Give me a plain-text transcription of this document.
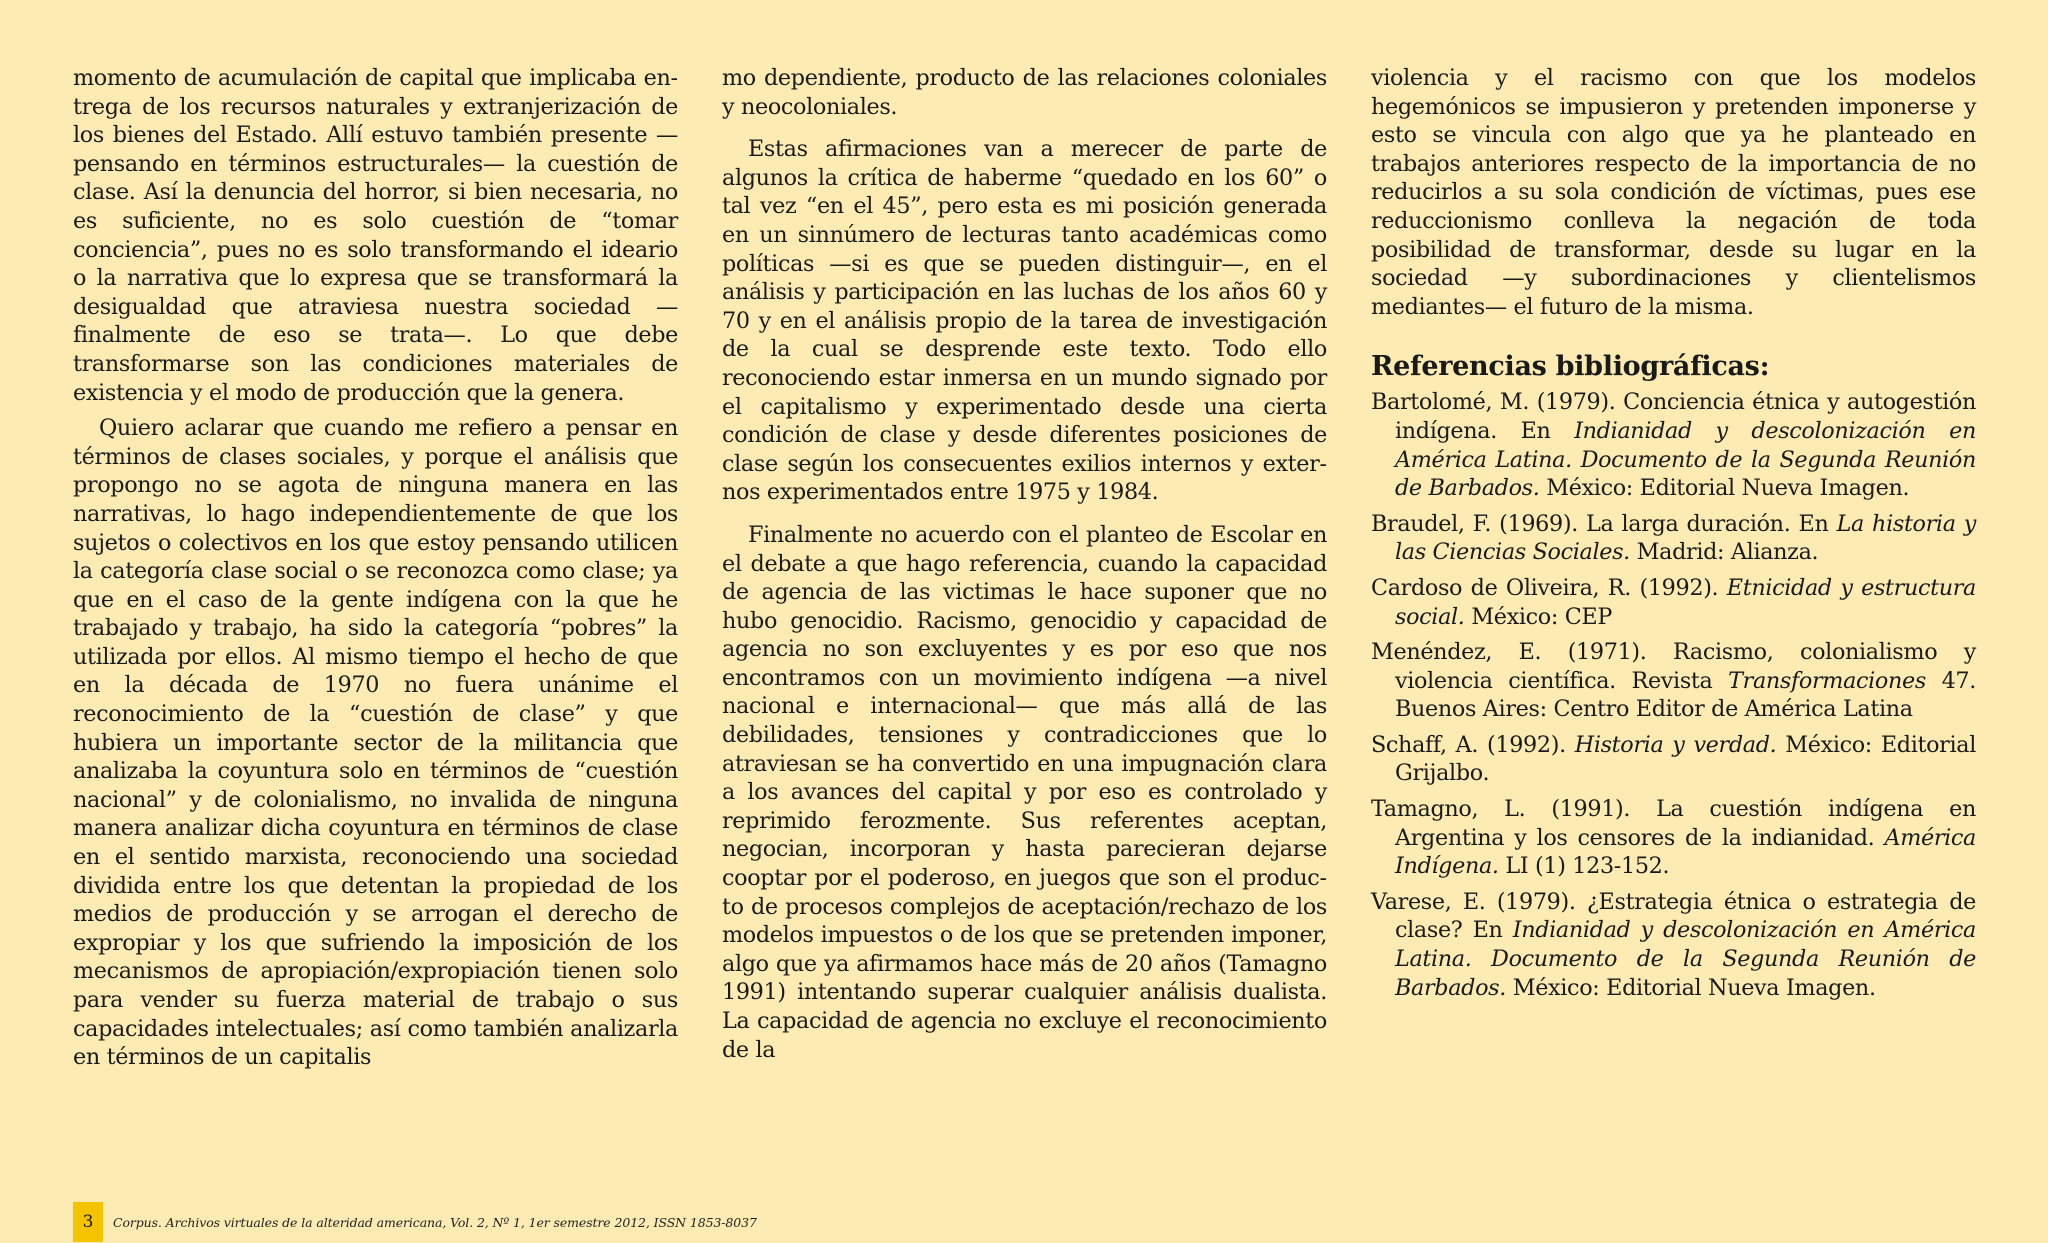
momento de acumulación de capital que implicaba entrega de los recursos naturales y extranjerización de los bienes del Estado. Allí estuvo también presente —pensando en términos estructurales— la cuestión de clase. Así la denuncia del horror, si bien necesaria, no es suficiente, no es solo cuestión de “tomar conciencia”, pues no es solo transformando el ideario o la narrativa que lo expresa que se transformará la desigualdad que atraviesa nuestra sociedad —finalmente de eso se trata—. Lo que debe transformarse son las condiciones materiales de existencia y el modo de producción que la genera.

Quiero aclarar que cuando me refiero a pensar en términos de clases sociales, y porque el análisis que propongo no se agota de ninguna manera en las narrativas, lo hago independientemente de que los sujetos o colectivos en los que estoy pensando utilicen la categoría clase social o se reconozca como clase; ya que en el caso de la gente indígena con la que he trabajado y trabajo, ha sido la categoría “pobres” la utilizada por ellos. Al mismo tiempo el hecho de que en la década de 1970 no fuera unánime el reconocimiento de la “cuestión de clase” y que hubiera un importante sector de la militancia que analizaba la coyuntura solo en términos de “cuestión nacional” y de colonialismo, no invalida de ninguna manera analizar dicha coyuntura en términos de clase en el sentido marxista, reconociendo una sociedad dividida entre los que detentan la propiedad de los medios de producción y se arrogan el derecho de expropiar y los que sufriendo la imposición de los mecanismos de apropiación/expropiación tienen solo para vender su fuerza material de trabajo o sus capacidades intelectuales; así como también analizarla en términos de un capitalis

mo dependiente, producto de las relaciones coloniales y neocoloniales.

Estas afirmaciones van a merecer de parte de algunos la crítica de haberme “quedado en los 60” o tal vez “en el 45”, pero esta es mi posición generada en un sinnúmero de lecturas tanto académicas como políticas —si es que se pueden distinguir—, en el análisis y participación en las luchas de los años 60 y 70 y en el análisis propio de la tarea de investigación de la cual se desprende este texto. Todo ello reconociendo estar inmersa en un mundo signado por el capitalismo y experimentado desde una cierta condición de clase y desde diferentes posiciones de clase según los consecuentes exilios internos y externos experimentados entre 1975 y 1984.

Finalmente no acuerdo con el planteo de Escolar en el debate a que hago referencia, cuando la capacidad de agencia de las victimas le hace suponer que no hubo genocidio. Racismo, genocidio y capacidad de agencia no son excluyentes y es por eso que nos encontramos con un movimiento indígena —a nivel nacional e internacional— que más allá de las debilidades, tensiones y contradicciones que lo atraviesan se ha convertido en una impugnación clara a los avances del capital y por eso es controlado y reprimido ferozmente. Sus referentes aceptan, negocian, incorporan y hasta parecieran dejarse cooptar por el poderoso, en juegos que son el producto de procesos complejos de aceptación/rechazo de los modelos impuestos o de los que se pretenden imponer, algo que ya afirmamos hace más de 20 años (Tamagno 1991) intentando superar cualquier análisis dualista. La capacidad de agencia no excluye el reconocimiento de la

violencia y el racismo con que los modelos hegemónicos se impusieron y pretenden imponerse y esto se vincula con algo que ya he planteado en trabajos anteriores respecto de la importancia de no reducirlos a su sola condición de víctimas, pues ese reduccionismo conlleva la negación de toda posibilidad de transformar, desde su lugar en la sociedad —y subordinaciones y clientelismos mediantes— el futuro de la misma.

Referencias bibliográficas:
Bartolomé, M. (1979). Conciencia étnica y autogestión indígena. En Indianidad y descolonización en América Latina. Documento de la Segunda Reunión de Barbados. México: Editorial Nueva Imagen.
Braudel, F. (1969). La larga duración. En La historia y las Ciencias Sociales. Madrid: Alianza.
Cardoso de Oliveira, R. (1992). Etnicidad y estructura social. México: CEP
Menéndez, E. (1971). Racismo, colonialismo y violencia científica. Revista Transformaciones 47. Buenos Aires: Centro Editor de América Latina
Schaff, A. (1992). Historia y verdad. México: Editorial Grijalbo.
Tamagno, L. (1991). La cuestión indígena en Argentina y los censores de la indianidad. América Indígena. LI (1) 123-152.
Varese, E. (1979). ¿Estrategia étnica o estrategia de clase? En Indianidad y descolonización en América Latina. Documento de la Segunda Reunión de Barbados. México: Editorial Nueva Imagen.
3	Corpus. Archivos virtuales de la alteridad americana, Vol. 2, Nº 1, 1er semestre 2012, ISSN 1853-8037
